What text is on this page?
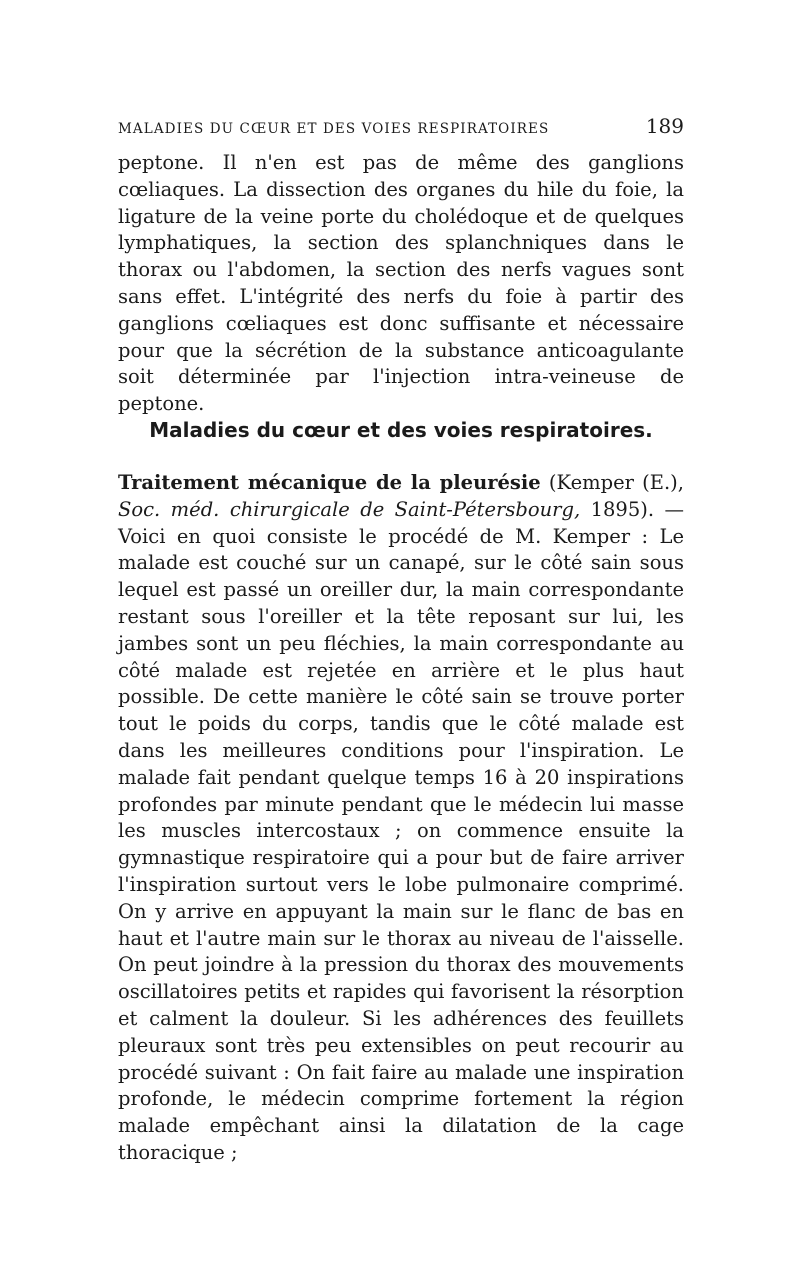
MALADIES DU CŒUR ET DES VOIES RESPIRATOIRES	189

peptone. Il n'en est pas de même des ganglions cœliaques. La dissection des organes du hile du foie, la ligature de la veine porte du cholédoque et de quelques lymphatiques, la section des splanchniques dans le thorax ou l'abdomen, la section des nerfs vagues sont sans effet. L'intégrité des nerfs du foie à partir des ganglions cœliaques est donc suffisante et nécessaire pour que la sécrétion de la substance anticoagulante soit déterminée par l'injection intra-veineuse de peptone.

Maladies du cœur et des voies respiratoires.

Traitement mécanique de la pleurésie (Kemper (E.), Soc. méd. chirurgicale de Saint-Pétersbourg, 1895). — Voici en quoi consiste le procédé de M. Kemper : Le malade est couché sur un canapé, sur le côté sain sous lequel est passé un oreiller dur, la main correspondante restant sous l'oreiller et la tête reposant sur lui, les jambes sont un peu fléchies, la main correspondante au côté malade est rejetée en arrière et le plus haut possible. De cette manière le côté sain se trouve porter tout le poids du corps, tandis que le côté malade est dans les meilleures conditions pour l'inspiration. Le malade fait pendant quelque temps 16 à 20 inspirations profondes par minute pendant que le médecin lui masse les muscles intercostaux ; on commence ensuite la gymnastique respiratoire qui a pour but de faire arriver l'inspiration surtout vers le lobe pulmonaire comprimé. On y arrive en appuyant la main sur le flanc de bas en haut et l'autre main sur le thorax au niveau de l'aisselle. On peut joindre à la pression du thorax des mouvements oscillatoires petits et rapides qui favorisent la résorption et calment la douleur. Si les adhérences des feuillets pleuraux sont très peu extensibles on peut recourir au procédé suivant : On fait faire au malade une inspiration profonde, le médecin comprime fortement la région malade empêchant ainsi la dilatation de la cage thoracique ;
